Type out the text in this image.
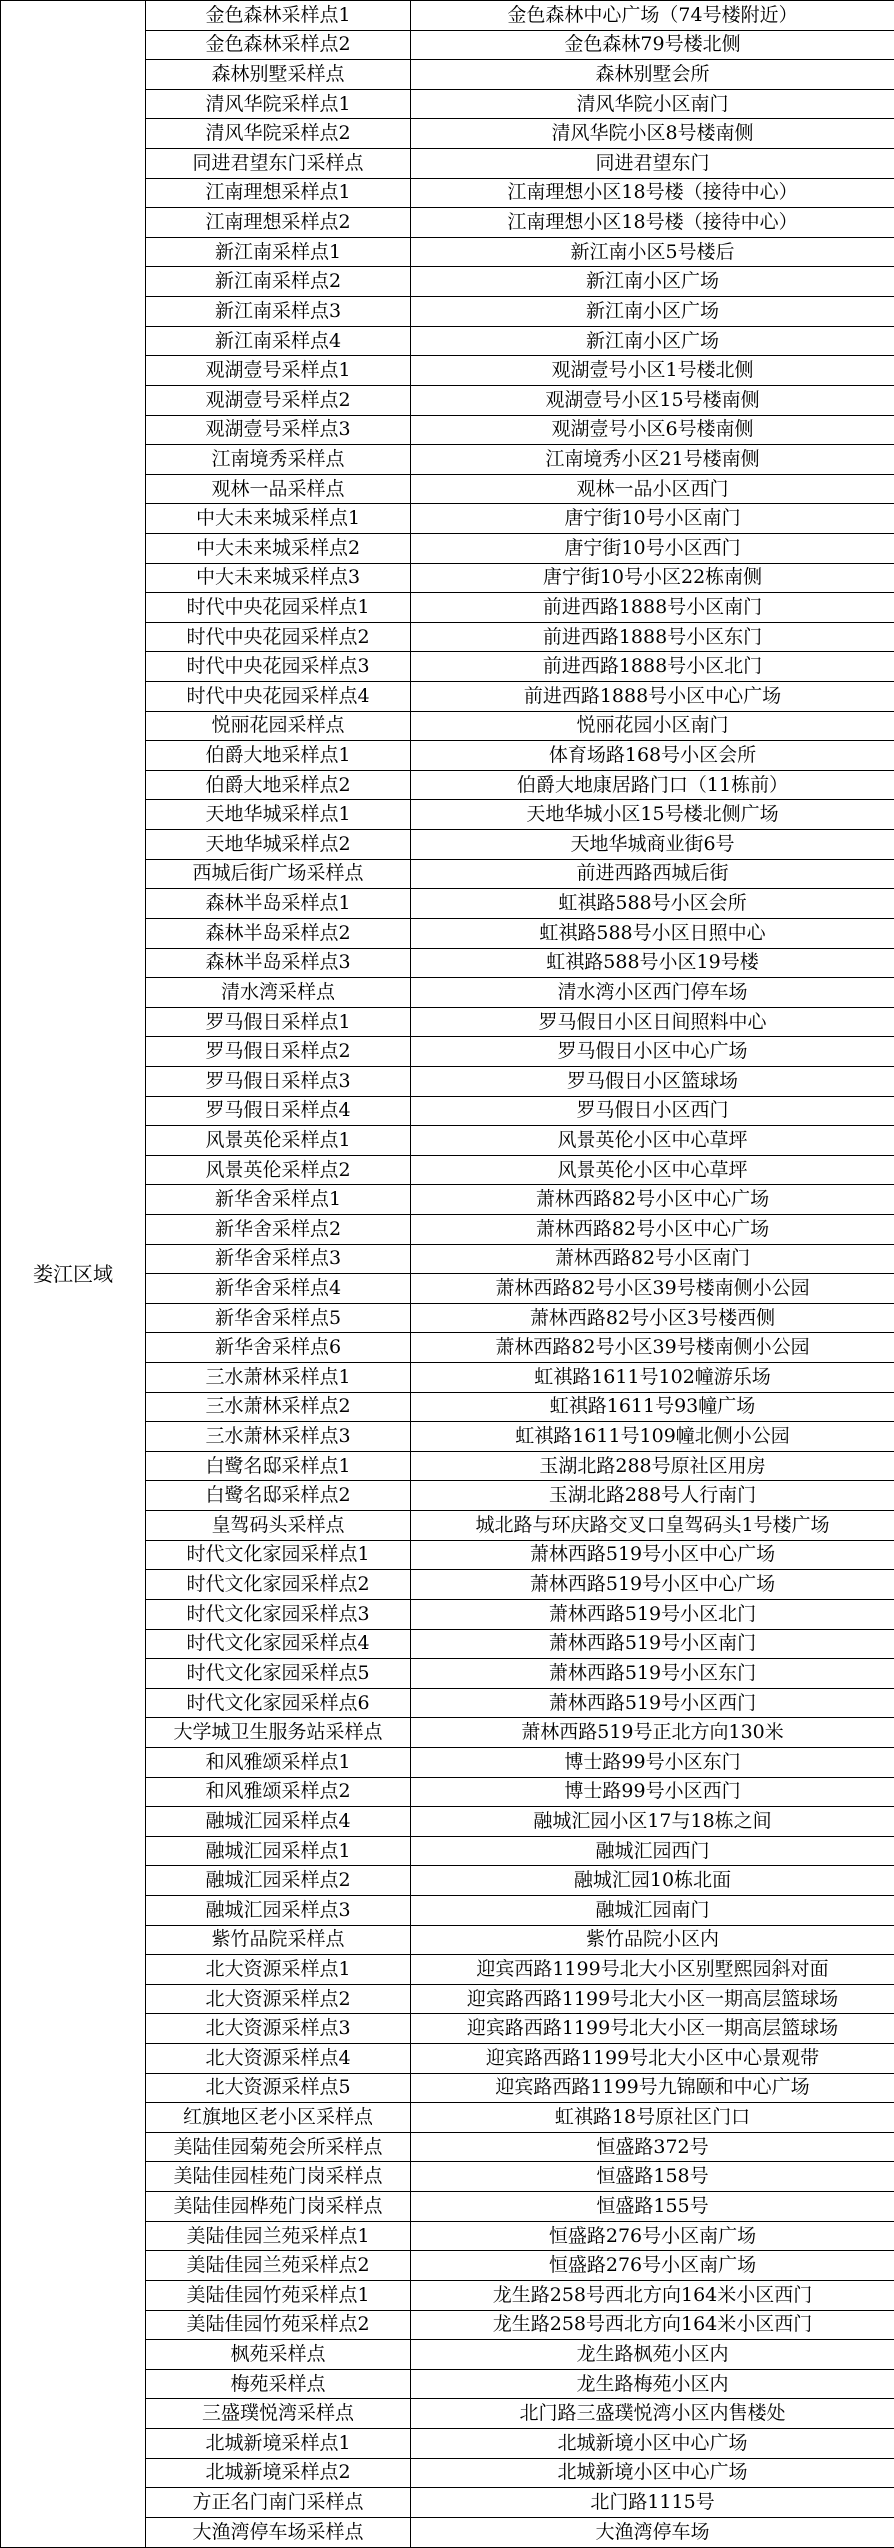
娄江区域	金色森林采样点1	金色森林中心广场（74号楼附近）
	金色森林采样点2	金色森林79号楼北侧
	森林别墅采样点	森林别墅会所
	清风华院采样点1	清风华院小区南门
	清风华院采样点2	清风华院小区8号楼南侧
	同进君望东门采样点	同进君望东门
	江南理想采样点1	江南理想小区18号楼（接待中心）
	江南理想采样点2	江南理想小区18号楼（接待中心）
	新江南采样点1	新江南小区5号楼后
	新江南采样点2	新江南小区广场
	新江南采样点3	新江南小区广场
	新江南采样点4	新江南小区广场
	观湖壹号采样点1	观湖壹号小区1号楼北侧
	观湖壹号采样点2	观湖壹号小区15号楼南侧
	观湖壹号采样点3	观湖壹号小区6号楼南侧
	江南境秀采样点	江南境秀小区21号楼南侧
	观林一品采样点	观林一品小区西门
	中大未来城采样点1	唐宁街10号小区南门
	中大未来城采样点2	唐宁街10号小区西门
	中大未来城采样点3	唐宁街10号小区22栋南侧
	时代中央花园采样点1	前进西路1888号小区南门
	时代中央花园采样点2	前进西路1888号小区东门
	时代中央花园采样点3	前进西路1888号小区北门
	时代中央花园采样点4	前进西路1888号小区中心广场
	悦丽花园采样点	悦丽花园小区南门
	伯爵大地采样点1	体育场路168号小区会所
	伯爵大地采样点2	伯爵大地康居路门口（11栋前）
	天地华城采样点1	天地华城小区15号楼北侧广场
	天地华城采样点2	天地华城商业街6号
	西城后街广场采样点	前进西路西城后街
	森林半岛采样点1	虹祺路588号小区会所
	森林半岛采样点2	虹祺路588号小区日照中心
	森林半岛采样点3	虹祺路588号小区19号楼
	清水湾采样点	清水湾小区西门停车场
	罗马假日采样点1	罗马假日小区日间照料中心
	罗马假日采样点2	罗马假日小区中心广场
	罗马假日采样点3	罗马假日小区篮球场
	罗马假日采样点4	罗马假日小区西门
	风景英伦采样点1	风景英伦小区中心草坪
	风景英伦采样点2	风景英伦小区中心草坪
	新华舍采样点1	萧林西路82号小区中心广场
	新华舍采样点2	萧林西路82号小区中心广场
	新华舍采样点3	萧林西路82号小区南门
	新华舍采样点4	萧林西路82号小区39号楼南侧小公园
	新华舍采样点5	萧林西路82号小区3号楼西侧
	新华舍采样点6	萧林西路82号小区39号楼南侧小公园
	三水萧林采样点1	虹祺路1611号102幢游乐场
	三水萧林采样点2	虹祺路1611号93幢广场
	三水萧林采样点3	虹祺路1611号109幢北侧小公园
	白鹭名邸采样点1	玉湖北路288号原社区用房
	白鹭名邸采样点2	玉湖北路288号人行南门
	皇驾码头采样点	城北路与环庆路交叉口皇驾码头1号楼广场
	时代文化家园采样点1	萧林西路519号小区中心广场
	时代文化家园采样点2	萧林西路519号小区中心广场
	时代文化家园采样点3	萧林西路519号小区北门
	时代文化家园采样点4	萧林西路519号小区南门
	时代文化家园采样点5	萧林西路519号小区东门
	时代文化家园采样点6	萧林西路519号小区西门
	大学城卫生服务站采样点	萧林西路519号正北方向130米
	和风雅颂采样点1	博士路99号小区东门
	和风雅颂采样点2	博士路99号小区西门
	融城汇园采样点4	融城汇园小区17与18栋之间
	融城汇园采样点1	融城汇园西门
	融城汇园采样点2	融城汇园10栋北面
	融城汇园采样点3	融城汇园南门
	紫竹品院采样点	紫竹品院小区内
	北大资源采样点1	迎宾西路1199号北大小区别墅熙园斜对面
	北大资源采样点2	迎宾路西路1199号北大小区一期高层篮球场
	北大资源采样点3	迎宾路西路1199号北大小区一期高层篮球场
	北大资源采样点4	迎宾路西路1199号北大小区中心景观带
	北大资源采样点5	迎宾路西路1199号九锦颐和中心广场
	红旗地区老小区采样点	虹祺路18号原社区门口
	美陆佳园菊苑会所采样点	恒盛路372号
	美陆佳园桂苑门岗采样点	恒盛路158号
	美陆佳园桦苑门岗采样点	恒盛路155号
	美陆佳园兰苑采样点1	恒盛路276号小区南广场
	美陆佳园兰苑采样点2	恒盛路276号小区南广场
	美陆佳园竹苑采样点1	龙生路258号西北方向164米小区西门
	美陆佳园竹苑采样点2	龙生路258号西北方向164米小区西门
	枫苑采样点	龙生路枫苑小区内
	梅苑采样点	龙生路梅苑小区内
	三盛璞悦湾采样点	北门路三盛璞悦湾小区内售楼处
	北城新境采样点1	北城新境小区中心广场
	北城新境采样点2	北城新境小区中心广场
	方正名门南门采样点	北门路1115号
	大渔湾停车场采样点	大渔湾停车场
